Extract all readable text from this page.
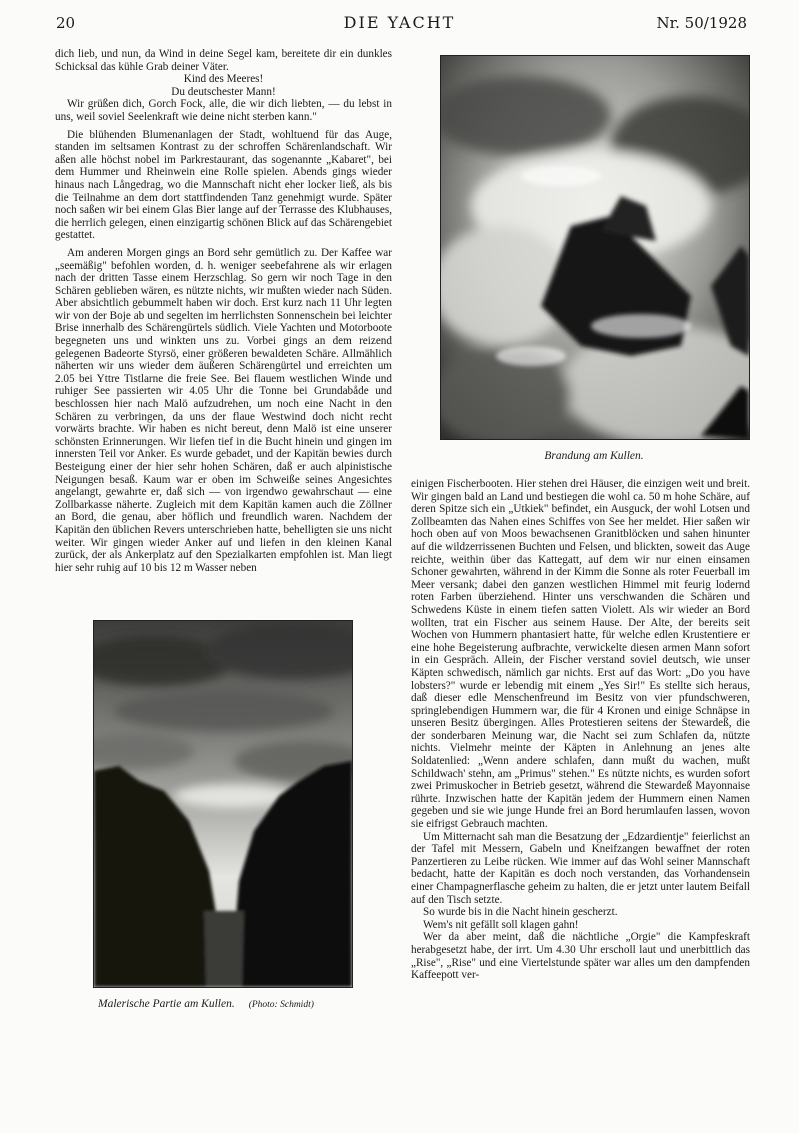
20	DIE YACHT	Nr. 50/1928

dich lieb, und nun, da Wind in deine Segel kam, bereitete dir ein dunkles Schicksal das kühle Grab deiner Väter.

Kind des Meeres!

Du deutschester Mann!

Wir grüßen dich, Gorch Fock, alle, die wir dich liebten, — du lebst in uns, weil soviel Seelenkraft wie deine nicht sterben kann."

Die blühenden Blumenanlagen der Stadt, wohltuend für das Auge, standen im seltsamen Kontrast zu der schroffen Schärenlandschaft. Wir aßen alle höchst nobel im Parkrestaurant, das sogenannte „Kabaret", bei dem Hummer und Rheinwein eine Rolle spielen. Abends gings wieder hinaus nach Långedrag, wo die Mannschaft nicht eher locker ließ, als bis die Teilnahme an dem dort stattfindenden Tanz genehmigt wurde. Später noch saßen wir bei einem Glas Bier lange auf der Terrasse des Klubhauses, die herrlich gelegen, einen einzigartig schönen Blick auf das Schärengebiet gestattet.

Am anderen Morgen gings an Bord sehr gemütlich zu. Der Kaffee war „seemäßig" befohlen worden, d. h. weniger seebefahrene als wir erlagen nach der dritten Tasse einem Herzschlag. So gern wir noch Tage in den Schären geblieben wären, es nützte nichts, wir mußten wieder nach Süden. Aber absichtlich gebummelt haben wir doch. Erst kurz nach 11 Uhr legten wir von der Boje ab und segelten im herrlichsten Sonnenschein bei leichter Brise innerhalb des Schärengürtels südlich. Viele Yachten und Motorboote begegneten uns und winkten uns zu. Vorbei gings an dem reizend gelegenen Badeorte Styrsö, einer größeren bewaldeten Schäre. Allmählich näherten wir uns wieder dem äußeren Schärengürtel und erreichten um 2.05 bei Yttre Tistlarne die freie See. Bei flauem westlichen Winde und ruhiger See passierten wir 4.05 Uhr die Tonne bei Grundabåde und beschlossen hier nach Malö aufzudrehen, um noch eine Nacht in den Schären zu verbringen, da uns der flaue Westwind doch nicht recht vorwärts brachte. Wir haben es nicht bereut, denn Malö ist eine unserer schönsten Erinnerungen. Wir liefen tief in die Bucht hinein und gingen im innersten Teil vor Anker. Es wurde gebadet, und der Kapitän bewies durch Besteigung einer der hier sehr hohen Schären, daß er auch alpinistische Neigungen besaß. Kaum war er oben im Schweiße seines Angesichtes angelangt, gewahrte er, daß sich — von irgendwo gewahrschaut — eine Zollbarkasse näherte. Zugleich mit dem Kapitän kamen auch die Zöllner an Bord, die genau, aber höflich und freundlich waren. Nachdem der Kapitän den üblichen Revers unterschrieben hatte, behelligten sie uns nicht weiter. Wir gingen wieder Anker auf und liefen in den kleinen Kanal zurück, der als Ankerplatz auf den Spezialkarten empfohlen ist. Man liegt hier sehr ruhig auf 10 bis 12 m Wasser neben

Brandung am Kullen.

einigen Fischerbooten. Hier stehen drei Häuser, die einzigen weit und breit. Wir gingen bald an Land und bestiegen die wohl ca. 50 m hohe Schäre, auf deren Spitze sich ein „Utkiek" befindet, ein Ausguck, der wohl Lotsen und Zollbeamten das Nahen eines Schiffes von See her meldet. Hier saßen wir hoch oben auf von Moos bewachsenen Granitblöcken und sahen hinunter auf die wildzerrissenen Buchten und Felsen, und blickten, soweit das Auge reichte, weithin über das Kattegatt, auf dem wir nur einen einsamen Schoner gewahrten, während in der Kimm die Sonne als roter Feuerball im Meer versank; dabei den ganzen westlichen Himmel mit feurig lodernd roten Farben überziehend. Hinter uns verschwanden die Schären und Schwedens Küste in einem tiefen satten Violett. Als wir wieder an Bord wollten, trat ein Fischer aus seinem Hause. Der Alte, der bereits seit Wochen von Hummern phantasiert hatte, für welche edlen Krustentiere er eine hohe Begeisterung aufbrachte, verwickelte diesen armen Mann sofort in ein Gespräch. Allein, der Fischer verstand soviel deutsch, wie unser Käpten schwedisch, nämlich gar nichts. Erst auf das Wort: „Do you have lobsters?" wurde er lebendig mit einem „Yes Sir!" Es stellte sich heraus, daß dieser edle Menschenfreund im Besitz von vier pfundschweren, springlebendigen Hummern war, die für 4 Kronen und einige Schnäpse in unseren Besitz übergingen. Alles Protestieren seitens der Stewardeß, die der sonderbaren Meinung war, die Nacht sei zum Schlafen da, nützte nichts. Vielmehr meinte der Käpten in Anlehnung an jenes alte Soldatenlied: „Wenn andere schlafen, dann mußt du wachen, mußt Schildwach' stehn, am „Primus" stehen." Es nützte nichts, es wurden sofort zwei Primuskocher in Betrieb gesetzt, während die Stewardeß Mayonnaise rührte. Inzwischen hatte der Kapitän jedem der Hummern einen Namen gegeben und sie wie junge Hunde frei an Bord herumlaufen lassen, wovon sie eifrigst Gebrauch machten.

Um Mitternacht sah man die Besatzung der „Edzardientje" feierlichst an der Tafel mit Messern, Gabeln und Kneifzangen bewaffnet der roten Panzertieren zu Leibe rücken. Wie immer auf das Wohl seiner Mannschaft bedacht, hatte der Kapitän es doch noch verstanden, das Vorhandensein einer Champagnerflasche geheim zu halten, die er jetzt unter lautem Beifall auf den Tisch setzte.

So wurde bis in die Nacht hinein gescherzt.

Wem's nit gefällt soll klagen gahn!

Wer da aber meint, daß die nächtliche „Orgie" die Kampfeskraft herabgesetzt habe, der irrt. Um 4.30 Uhr erscholl laut und unerbittlich das „Rise", „Rise" und eine Viertelstunde später war alles um den dampfenden Kaffeepott ver-

Malerische Partie am Kullen. (Photo: Schmidt)
